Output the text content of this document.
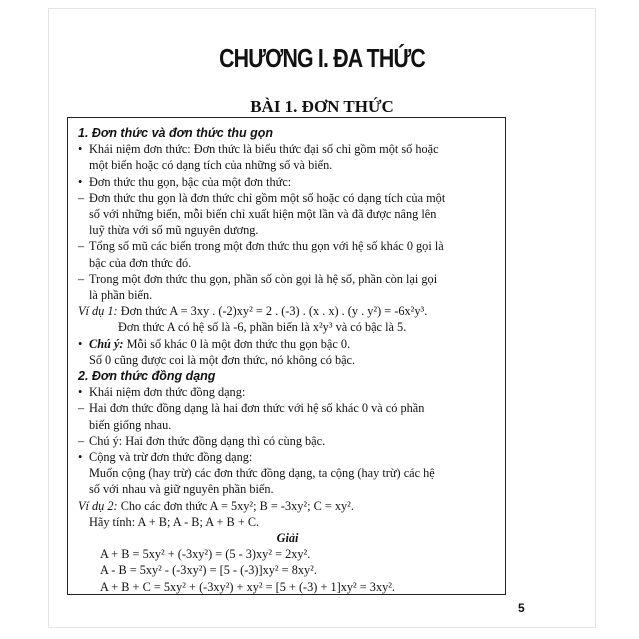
CHƯƠNG I. ĐA THỨC
BÀI 1. ĐƠN THỨC

1. Đơn thức và đơn thức thu gọn

• Khái niệm đơn thức: Đơn thức là biểu thức đại số chỉ gồm một số hoặc

một biến hoặc có dạng tích của những số và biến.

• Đơn thức thu gọn, bậc của một đơn thức:

– Đơn thức thu gọn là đơn thức chỉ gồm một số hoặc có dạng tích của một

số với những biến, mỗi biến chỉ xuất hiện một lần và đã được nâng lên

luỹ thừa với số mũ nguyên dương.

– Tổng số mũ các biến trong một đơn thức thu gọn với hệ số khác 0 gọi là

bậc của đơn thức đó.

– Trong một đơn thức thu gọn, phần số còn gọi là hệ số, phần còn lại gọi

là phần biến.

Ví dụ 1: Đơn thức A = 3xy . (-2)xy² = 2 . (-3) . (x . x) . (y . y²) = -6x²y³.

Đơn thức A có hệ số là -6, phần biến là x²y³ và có bậc là 5.

• Chú ý: Mỗi số khác 0 là một đơn thức thu gọn bậc 0.

Số 0 cũng được coi là một đơn thức, nó không có bậc.

2. Đơn thức đồng dạng

• Khái niệm đơn thức đồng dạng:

– Hai đơn thức đồng dạng là hai đơn thức với hệ số khác 0 và có phần

biến giống nhau.

– Chú ý: Hai đơn thức đồng dạng thì có cùng bậc.

• Cộng và trừ đơn thức đồng dạng:

Muốn cộng (hay trừ) các đơn thức đồng dạng, ta cộng (hay trừ) các hệ

số với nhau và giữ nguyên phần biến.

Ví dụ 2: Cho các đơn thức A = 5xy²; B = -3xy²; C = xy².

Hãy tính: A + B; A - B; A + B + C.

Giải

A + B = 5xy² + (-3xy²) = (5 - 3)xy² = 2xy².

A - B = 5xy² - (-3xy²) = [5 - (-3)]xy² = 8xy².

A + B + C = 5xy² + (-3xy²) + xy² = [5 + (-3) + 1]xy² = 3xy².

5
